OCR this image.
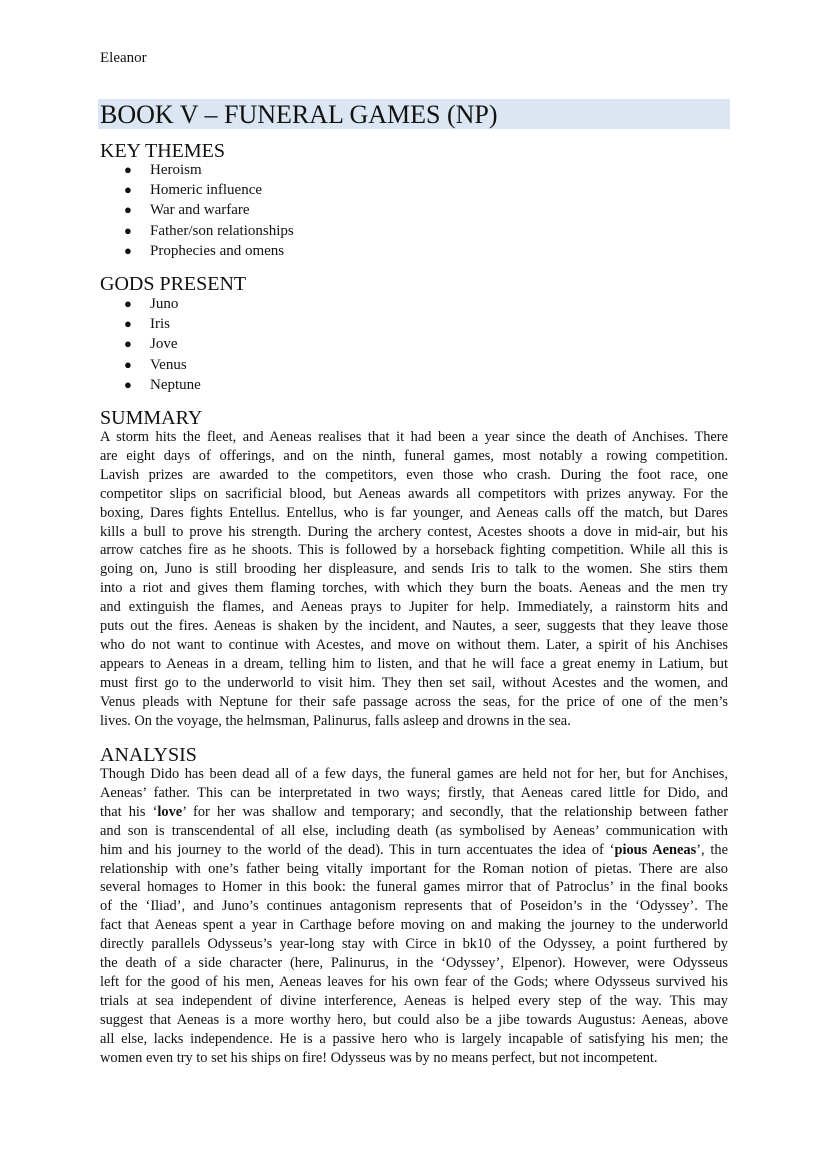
Eleanor
BOOK V – FUNERAL GAMES (NP)
KEY THEMES
● Heroism
● Homeric influence
● War and warfare
● Father/son relationships
● Prophecies and omens
GODS PRESENT
● Juno
● Iris
● Jove
● Venus
● Neptune
SUMMARY
A storm hits the fleet, and Aeneas realises that it had been a year since the death of Anchises. There
are eight days of offerings, and on the ninth, funeral games, most notably a rowing competition.
Lavish prizes are awarded to the competitors, even those who crash. During the foot race, one
competitor slips on sacrificial blood, but Aeneas awards all competitors with prizes anyway. For the
boxing, Dares fights Entellus. Entellus, who is far younger, and Aeneas calls off the match, but Dares
kills a bull to prove his strength. During the archery contest, Acestes shoots a dove in mid-air, but his
arrow catches fire as he shoots. This is followed by a horseback fighting competition. While all this is
going on, Juno is still brooding her displeasure, and sends Iris to talk to the women. She stirs them
into a riot and gives them flaming torches, with which they burn the boats. Aeneas and the men try
and extinguish the flames, and Aeneas prays to Jupiter for help. Immediately, a rainstorm hits and
puts out the fires. Aeneas is shaken by the incident, and Nautes, a seer, suggests that they leave those
who do not want to continue with Acestes, and move on without them. Later, a spirit of his Anchises
appears to Aeneas in a dream, telling him to listen, and that he will face a great enemy in Latium, but
must first go to the underworld to visit him. They then set sail, without Acestes and the women, and
Venus pleads with Neptune for their safe passage across the seas, for the price of one of the men’s
lives. On the voyage, the helmsman, Palinurus, falls asleep and drowns in the sea.
ANALYSIS
Though Dido has been dead all of a few days, the funeral games are held not for her, but for Anchises,
Aeneas’ father. This can be interpretated in two ways; firstly, that Aeneas cared little for Dido, and
that his ‘love’ for her was shallow and temporary; and secondly, that the relationship between father
and son is transcendental of all else, including death (as symbolised by Aeneas’ communication with
him and his journey to the world of the dead). This in turn accentuates the idea of ‘pious Aeneas’, the
relationship with one’s father being vitally important for the Roman notion of pietas. There are also
several homages to Homer in this book: the funeral games mirror that of Patroclus’ in the final books
of the ‘Iliad’, and Juno’s continues antagonism represents that of Poseidon’s in the ‘Odyssey’. The
fact that Aeneas spent a year in Carthage before moving on and making the journey to the underworld
directly parallels Odysseus’s year-long stay with Circe in bk10 of the Odyssey, a point furthered by
the death of a side character (here, Palinurus, in the ‘Odyssey’, Elpenor). However, were Odysseus
left for the good of his men, Aeneas leaves for his own fear of the Gods; where Odysseus survived his
trials at sea independent of divine interference, Aeneas is helped every step of the way. This may
suggest that Aeneas is a more worthy hero, but could also be a jibe towards Augustus: Aeneas, above
all else, lacks independence. He is a passive hero who is largely incapable of satisfying his men; the
women even try to set his ships on fire! Odysseus was by no means perfect, but not incompetent.
